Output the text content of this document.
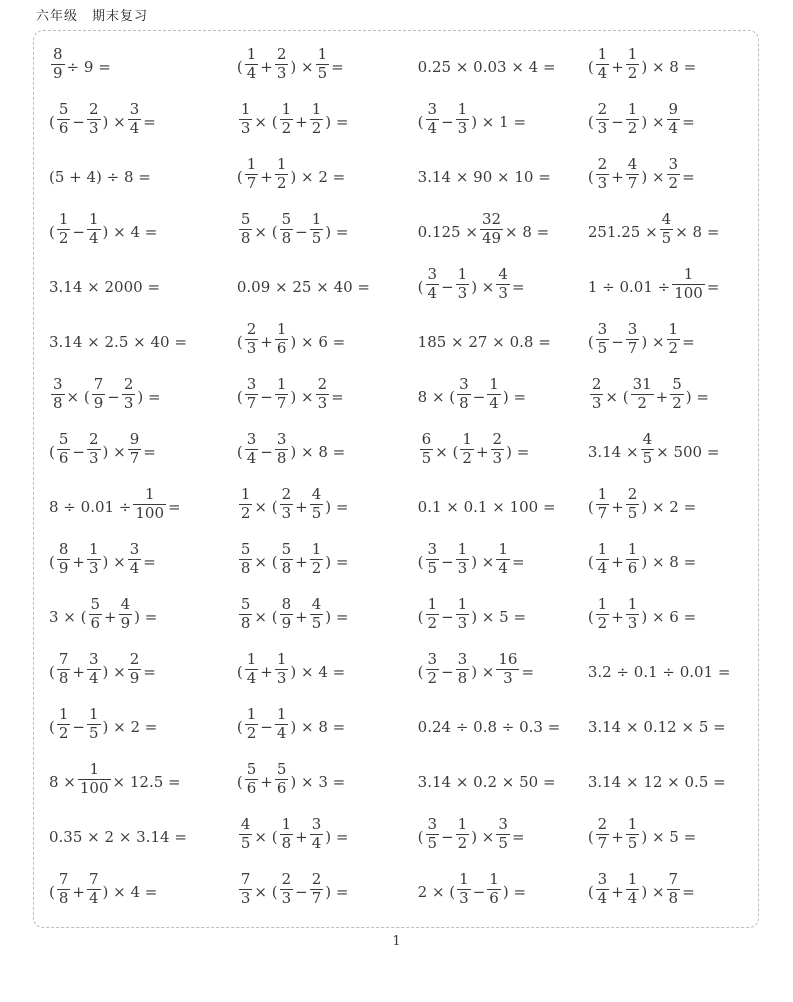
六年级　期末复习
$\frac{8}{9} \div 9$ =	( $\frac{1}{4} + \frac{2}{3}$ ) × $\frac{1}{5}$ =	0.25 × 0.03 × 4 =	( $\frac{1}{4} + \frac{1}{2}$ ) × 8 =
( $\frac{5}{6} - \frac{2}{3}$ ) × $\frac{3}{4}$ =	$\frac{1}{3}$ × ( $\frac{1}{2} + \frac{1}{2}$ ) =	( $\frac{3}{4} - \frac{1}{3}$ ) × 1 =	( $\frac{2}{3} - \frac{1}{2}$ ) × $\frac{9}{4}$ =
(5 + 4) ÷ 8 =	( $\frac{1}{7} + \frac{1}{2}$ ) × 2 =	3.14 × 90 × 10 =	( $\frac{2}{3} + \frac{4}{7}$ ) × $\frac{3}{2}$ =
( $\frac{1}{2} - \frac{1}{4}$ ) × 4 =	$\frac{5}{8}$ × ( $\frac{5}{8} - \frac{1}{5}$ ) =	$0.125 \times \frac{32}{49} \times 8$ =	$251.25 \times \frac{4}{5} \times 8$ =
3.14 × 2000 =	0.09 × 25 × 40 =	( $\frac{3}{4} - \frac{1}{3}$ ) × $\frac{4}{3}$ =	$1 \div 0.01 \div \frac{1}{100}$ =
3.14 × 2.5 × 40 =	( $\frac{2}{3} + \frac{1}{6}$ ) × 6 =	185 × 27 × 0.8 =	( $\frac{3}{5} - \frac{3}{7}$ ) × $\frac{1}{2}$ =
$\frac{3}{8}$ × ( $\frac{7}{9} - \frac{2}{3}$ ) =	( $\frac{3}{7} - \frac{1}{7}$ ) × $\frac{2}{3}$ =	8 × ( $\frac{3}{8} - \frac{1}{4}$ ) =	$\frac{2}{3}$ × ( $\frac{31}{2} + \frac{5}{2}$ ) =
( $\frac{5}{6} - \frac{2}{3}$ ) × $\frac{9}{7}$ =	( $\frac{3}{4} - \frac{3}{8}$ ) × 8 =	$\frac{6}{5}$ × ( $\frac{1}{2} + \frac{2}{3}$ ) =	$3.14 \times \frac{4}{5} \times 500$ =
$8 \div 0.01 \div \frac{1}{100}$ =	$\frac{1}{2}$ × ( $\frac{2}{3} + \frac{4}{5}$ ) =	0.1 × 0.1 × 100 =	( $\frac{1}{7} + \frac{2}{5}$ ) × 2 =
( $\frac{8}{9} + \frac{1}{3}$ ) × $\frac{3}{4}$ =	$\frac{5}{8}$ × ( $\frac{5}{8} + \frac{1}{2}$ ) =	( $\frac{3}{5} - \frac{1}{3}$ ) × $\frac{1}{4}$ =	( $\frac{1}{4} + \frac{1}{6}$ ) × 8 =
3 × ( $\frac{5}{6} + \frac{4}{9}$ ) =	$\frac{5}{8}$ × ( $\frac{8}{9} + \frac{4}{5}$ ) =	( $\frac{1}{2} - \frac{1}{3}$ ) × 5 =	( $\frac{1}{2} + \frac{1}{3}$ ) × 6 =
( $\frac{7}{8} + \frac{3}{4}$ ) × $\frac{2}{9}$ =	( $\frac{1}{4} + \frac{1}{3}$ ) × 4 =	( $\frac{3}{2} - \frac{3}{8}$ ) × $\frac{16}{3}$ =	3.2 ÷ 0.1 ÷ 0.01 =
( $\frac{1}{2} - \frac{1}{5}$ ) × 2 =	( $\frac{1}{2} - \frac{1}{4}$ ) × 8 =	0.24 ÷ 0.8 ÷ 0.3 =	3.14 × 0.12 × 5 =
$8 \times \frac{1}{100} \times 12.5$ =	( $\frac{5}{6} + \frac{5}{6}$ ) × 3 =	3.14 × 0.2 × 50 =	3.14 × 12 × 0.5 =
0.35 × 2 × 3.14 =	$\frac{4}{5}$ × ( $\frac{1}{8} + \frac{3}{4}$ ) =	( $\frac{3}{5} - \frac{1}{2}$ ) × $\frac{3}{5}$ =	( $\frac{2}{7} + \frac{1}{5}$ ) × 5 =
( $\frac{7}{8} + \frac{7}{4}$ ) × 4 =	$\frac{7}{3}$ × ( $\frac{2}{3} - \frac{2}{7}$ ) =	2 × ( $\frac{1}{3} - \frac{1}{6}$ ) =	( $\frac{3}{4} + \frac{1}{4}$ ) × $\frac{7}{8}$ =
1
